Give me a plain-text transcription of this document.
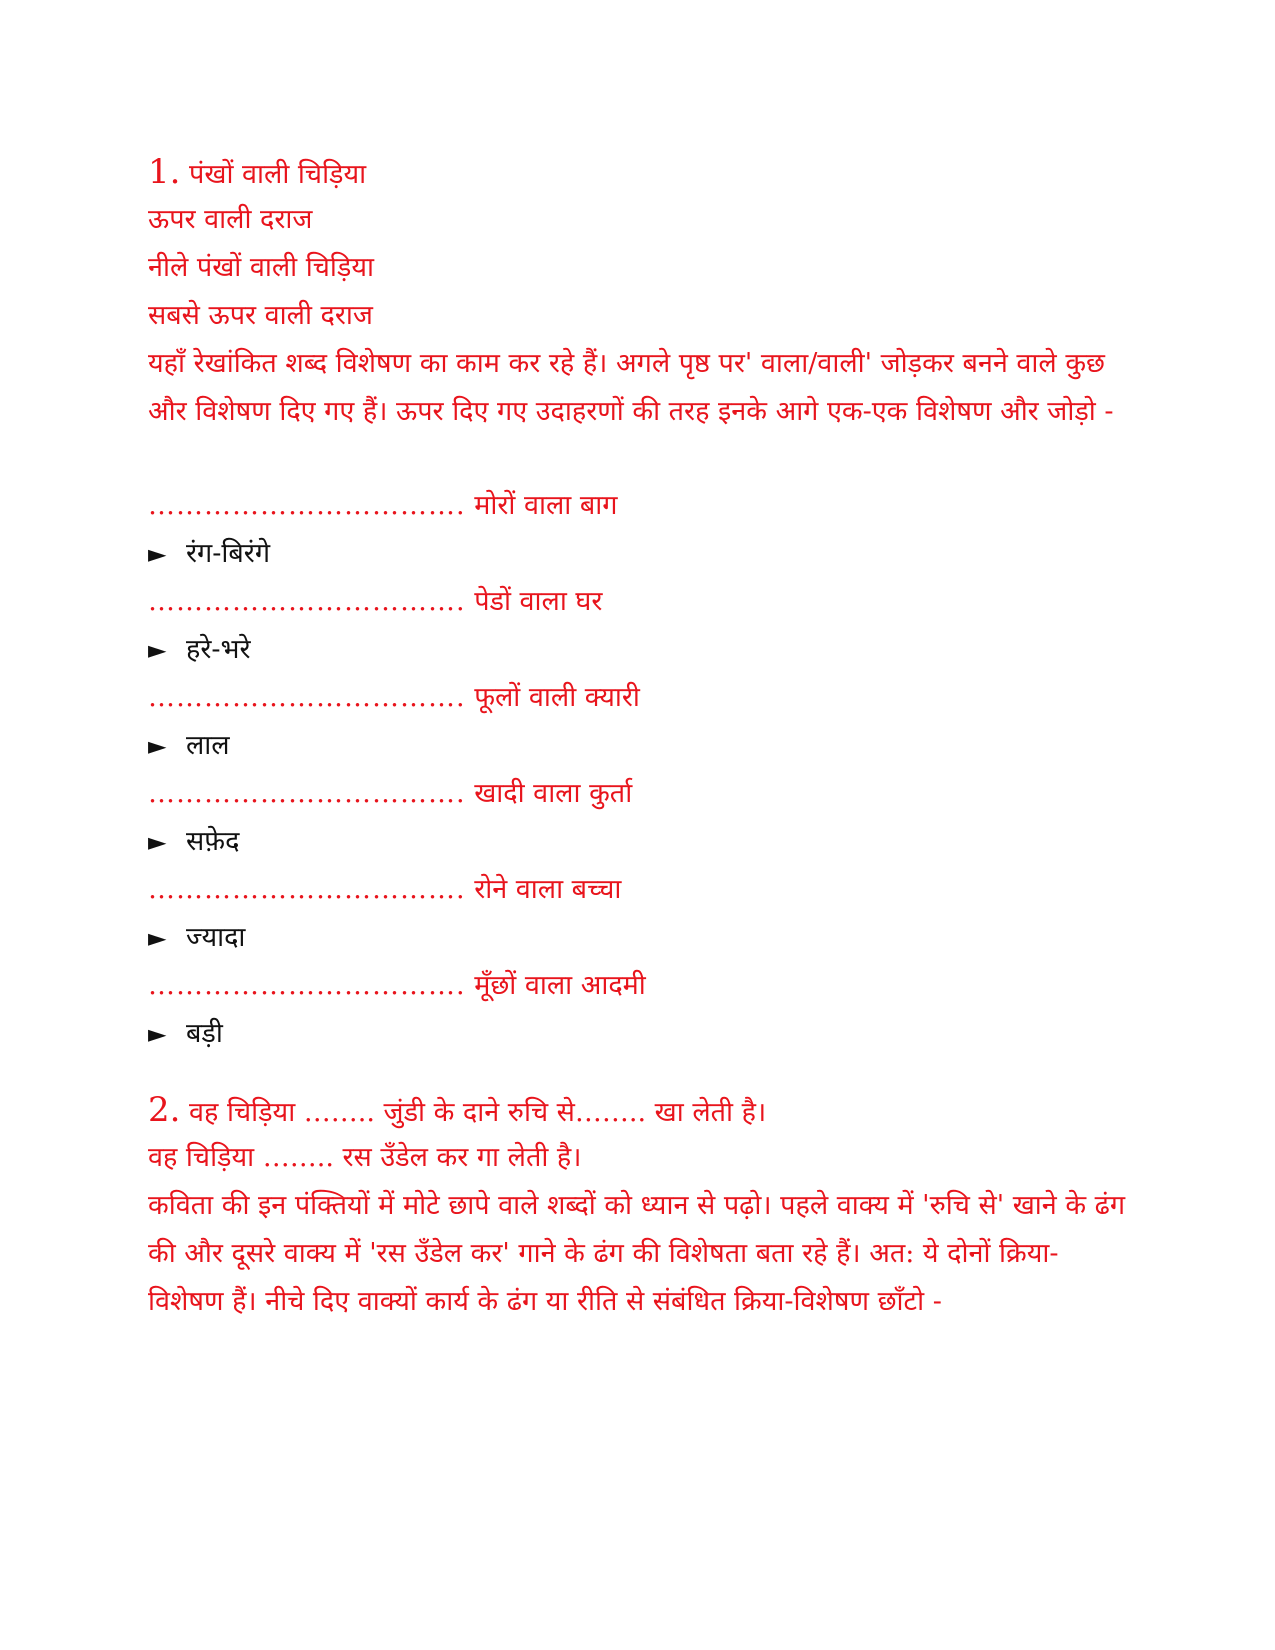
1. पंखों वाली चिड़िया
ऊपर वाली दराज
नीले पंखों वाली चिड़िया
सबसे ऊपर वाली दराज
यहाँ रेखांकित शब्द विशेषण का काम कर रहे हैं। अगले पृष्ठ पर' वाला/वाली' जोड़कर बनने वाले कुछ और विशेषण दिए गए हैं। ऊपर दिए गए उदाहरणों की तरह इनके आगे एक-एक विशेषण और जोड़ो -
……………………………. मोरों वाला बाग
► रंग-बिरंगे
……………………………. पेडों वाला घर
► हरे-भरे
……………………………. फूलों वाली क्यारी
► लाल
……………………………. खादी वाला कुर्ता
► सफ़ेद
……………………………. रोने वाला बच्चा
► ज्यादा
……………………………. मूँछों वाला आदमी
► बड़ी
2. वह चिड़िया …….. जुंडी के दाने रुचि से…….. खा लेती है।
वह चिड़िया …….. रस उँडेल कर गा लेती है।
कविता की इन पंक्तियों में मोटे छापे वाले शब्दों को ध्यान से पढ़ो। पहले वाक्य में 'रुचि से' खाने के ढंग की और दूसरे वाक्य में 'रस उँडेल कर' गाने के ढंग की विशेषता बता रहे हैं। अत: ये दोनों क्रिया-विशेषण हैं। नीचे दिए वाक्यों कार्य के ढंग या रीति से संबंधित क्रिया-विशेषण छाँटो -
